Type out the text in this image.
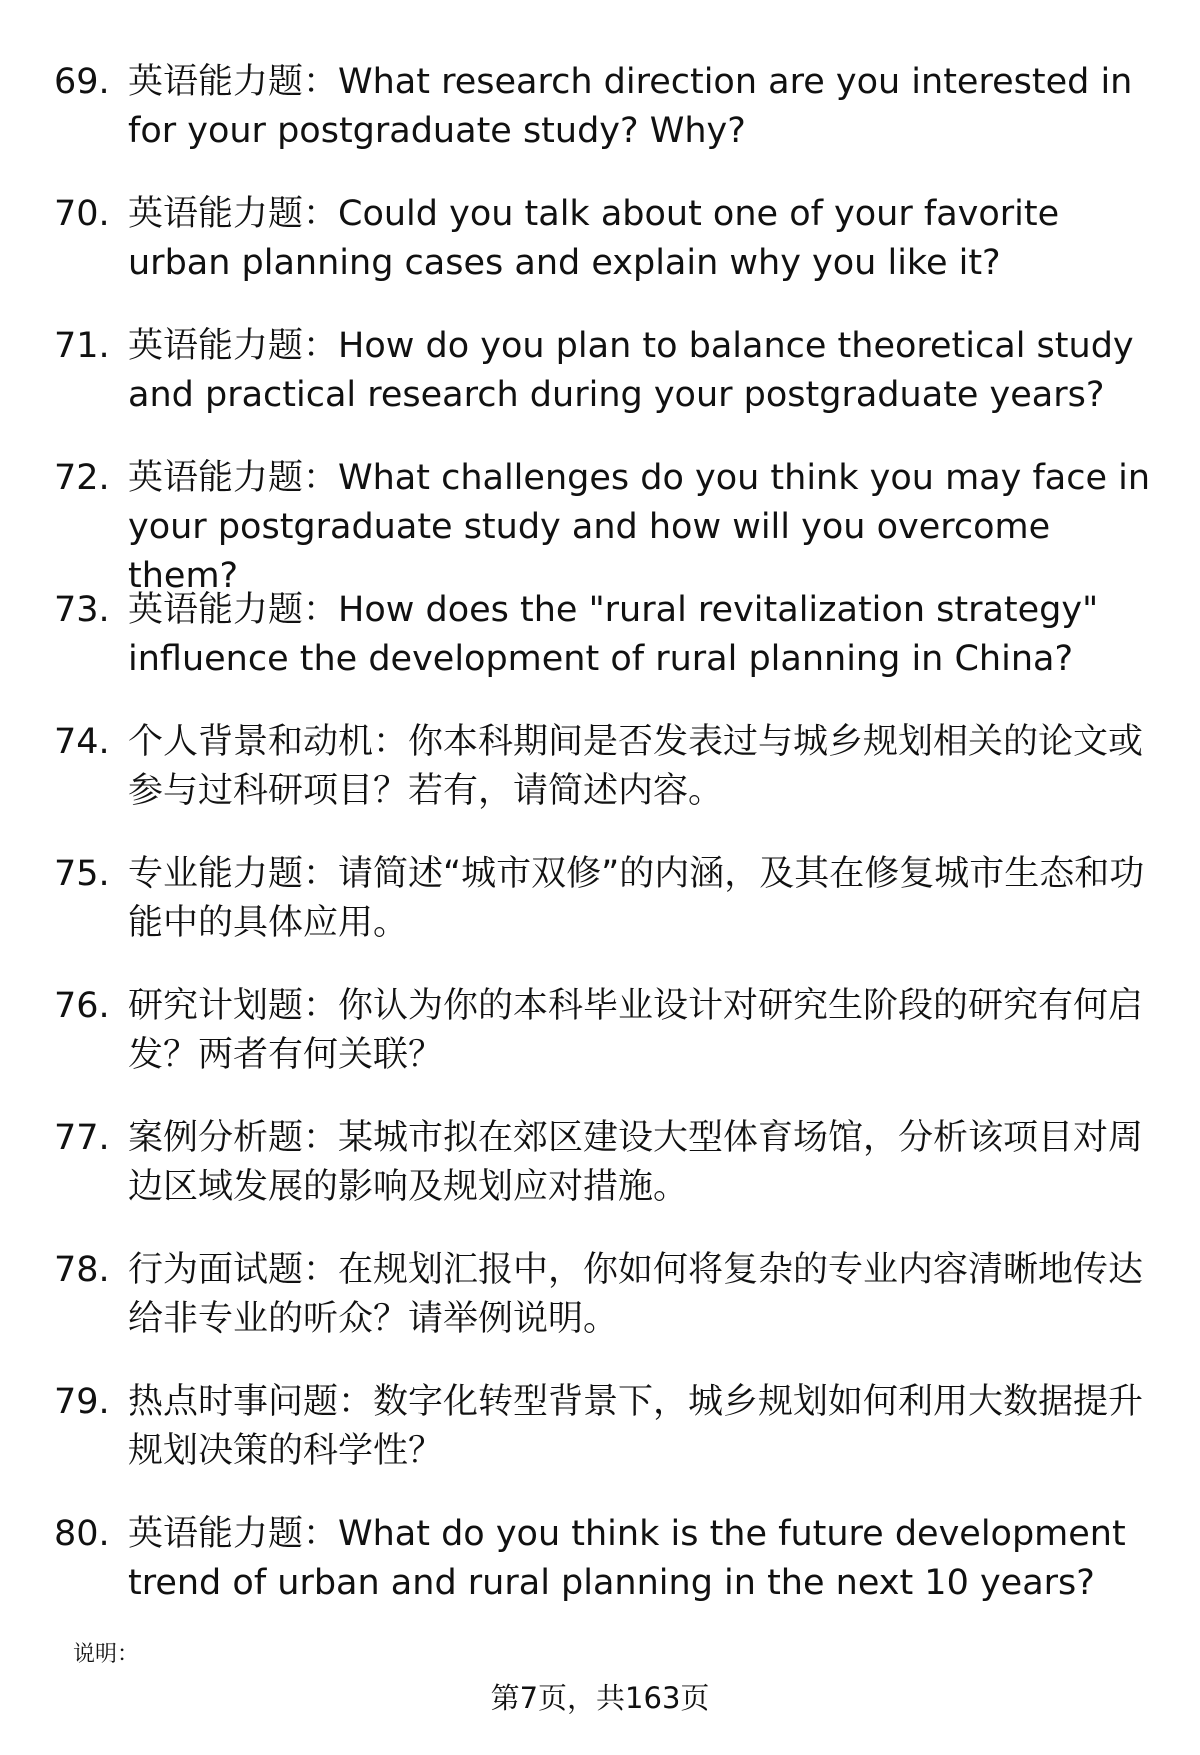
69. 英语能力题：What research direction are you interested in for your postgraduate study? Why?
70. 英语能力题：Could you talk about one of your favorite urban planning cases and explain why you like it?
71. 英语能力题：How do you plan to balance theoretical study and practical research during your postgraduate years?
72. 英语能力题：What challenges do you think you may face in your postgraduate study and how will you overcome them?
73. 英语能力题：How does the "rural revitalization strategy" influence the development of rural planning in China?
74. 个人背景和动机：你本科期间是否发表过与城乡规划相关的论文或参与过科研项目？若有，请简述内容。
75. 专业能力题：请简述“城市双修”的内涵，及其在修复城市生态和功能中的具体应用。
76. 研究计划题：你认为你的本科毕业设计对研究生阶段的研究有何启发？两者有何关联？
77. 案例分析题：某城市拟在郊区建设大型体育场馆，分析该项目对周边区域发展的影响及规划应对措施。
78. 行为面试题：在规划汇报中，你如何将复杂的专业内容清晰地传达给非专业的听众？请举例说明。
79. 热点时事问题：数字化转型背景下，城乡规划如何利用大数据提升规划决策的科学性？
80. 英语能力题：What do you think is the future development trend of urban and rural planning in the next 10 years?
说明：
第7页，共163页
